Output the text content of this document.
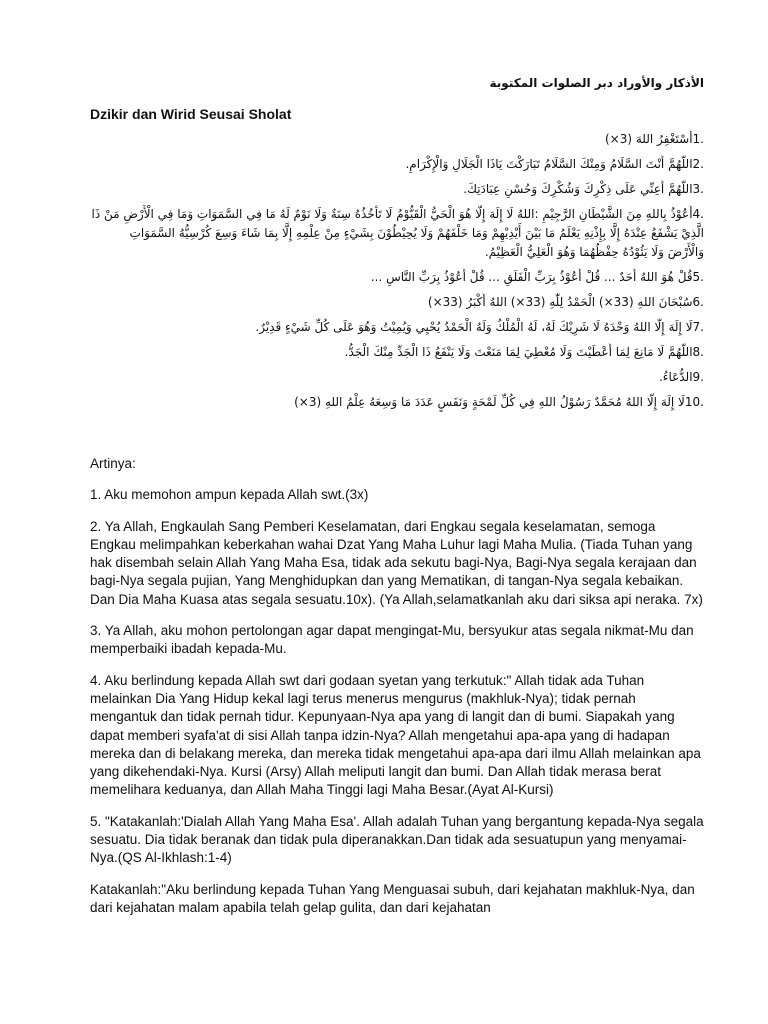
الأذكار والأوراد دبر الصلوات المكتوبة
Dzikir dan Wirid Seusai Sholat
1.أَسْتَغْفِرُ اللهَ (3×)
2.اللَّهُمَّ أَنْتَ السَّلَامُ وَمِنْكَ السَّلَامُ تَبَارَكْتَ يَاذَا الْجَلَالِ وَالْإِكْرَامِ.
3.اللَّهُمَّ أَعِنِّي عَلَى ذِكْرِكَ وَشُكْرِكَ وَحُسْنِ عِبَادَتِكَ.
4.أَعُوْذُ بِاللهِ مِنَ الشَّيْطَانِ الرَّجِيْمِ :اللهُ لَا إِلَهَ إِلَّا هُوَ الْحَيُّ الْقَيُّوْمُ لَا تَأْخُذُهُ سِنَةٌ وَلَا نَوْمٌ لَهُ مَا فِي السَّمَوَاتِ وَمَا فِي الْأَرْضِ مَنْ ذَا الَّذِيْ يَشْفَعُ عِنْدَهُ إِلَّا بِإِذْنِهِ يَعْلَمُ مَا بَيْنَ أَيْدِيْهِمْ وَمَا خَلْفَهُمْ وَلَا يُحِيْطُوْنَ بِشَيْءٍ مِنْ عِلْمِهِ إِلَّا بِمَا شَاءَ وَسِعَ كُرْسِيُّهُ السَّمَوَاتِ وَالْأَرْضَ وَلَا يَئُوْدُهُ حِفْظُهُمَا وَهُوَ الْعَلِيُّ الْعَظِيْمُ.
5.قُلْ هُوَ اللهُ أَحَدٌ ... قُلْ أَعُوْذُ بِرَبِّ الْفَلَقِ ... قُلْ أَعُوْذُ بِرَبِّ النَّاسِ ...
6.سُبْحَانَ اللهِ (33×) الْحَمْدُ لِلّٰهِ (33×) اللهُ أَكْبَرُ (33×)
7.لَا إِلَهَ إِلَّا اللهُ وَحْدَهُ لَا شَرِيْكَ لَهُ، لَهُ الْمُلْكُ وَلَهُ الْحَمْدُ يُحْيِي وَيُمِيْتُ وَهُوَ عَلَى كُلِّ شَيْءٍ قَدِيْرٌ.
8.اللَّهُمَّ لَا مَانِعَ لِمَا أَعْطَيْتَ وَلَا مُعْطِيَ لِمَا مَنَعْتَ وَلَا يَنْفَعُ ذَا الْجَدِّ مِنْكَ الْجَدُّ.
9.الدُّعَاءُ.
10.لَا إِلَهَ إِلَّا اللهُ مُحَمَّدٌ رَسُوْلُ اللهِ فِي كُلِّ لَمْحَةٍ وَنَفَسٍ عَدَدَ مَا وَسِعَهُ عِلْمُ اللهِ (3×)

Artinya:

1. Aku memohon ampun kepada Allah swt.(3x)

2. Ya Allah, Engkaulah Sang Pemberi Keselamatan, dari Engkau segala keselamatan, semoga Engkau melimpahkan keberkahan wahai Dzat Yang Maha Luhur lagi Maha Mulia. (Tiada Tuhan yang hak disembah selain Allah Yang Maha Esa, tidak ada sekutu bagi-Nya, Bagi-Nya segala kerajaan dan bagi-Nya segala pujian, Yang Menghidupkan dan yang Mematikan, di tangan-Nya segala kebaikan. Dan Dia Maha Kuasa atas segala sesuatu.10x). (Ya Allah,selamatkanlah aku dari siksa api neraka. 7x)

3. Ya Allah, aku mohon pertolongan agar dapat mengingat-Mu, bersyukur atas segala nikmat-Mu dan memperbaiki ibadah kepada-Mu.

4. Aku berlindung kepada Allah swt dari godaan syetan yang terkutuk:" Allah tidak ada Tuhan melainkan Dia Yang Hidup kekal lagi terus menerus mengurus (makhluk-Nya); tidak pernah mengantuk dan tidak pernah tidur. Kepunyaan-Nya apa yang di langit dan di bumi. Siapakah yang dapat memberi syafa'at di sisi Allah tanpa idzin-Nya? Allah mengetahui apa-apa yang di hadapan mereka dan di belakang mereka, dan mereka tidak mengetahui apa-apa dari ilmu Allah melainkan apa yang dikehendaki-Nya. Kursi (Arsy) Allah meliputi langit dan bumi. Dan Allah tidak merasa berat memelihara keduanya, dan Allah Maha Tinggi lagi Maha Besar.(Ayat Al-Kursi)

5. "Katakanlah:'Dialah Allah Yang Maha Esa'. Allah adalah Tuhan yang bergantung kepada-Nya segala sesuatu. Dia tidak beranak dan tidak pula diperanakkan.Dan tidak ada sesuatupun yang menyamai-Nya.(QS Al-Ikhlash:1-4)

Katakanlah:"Aku berlindung kepada Tuhan Yang Menguasai subuh, dari kejahatan makhluk-Nya, dan dari kejahatan malam apabila telah gelap gulita, dan dari kejahatan
